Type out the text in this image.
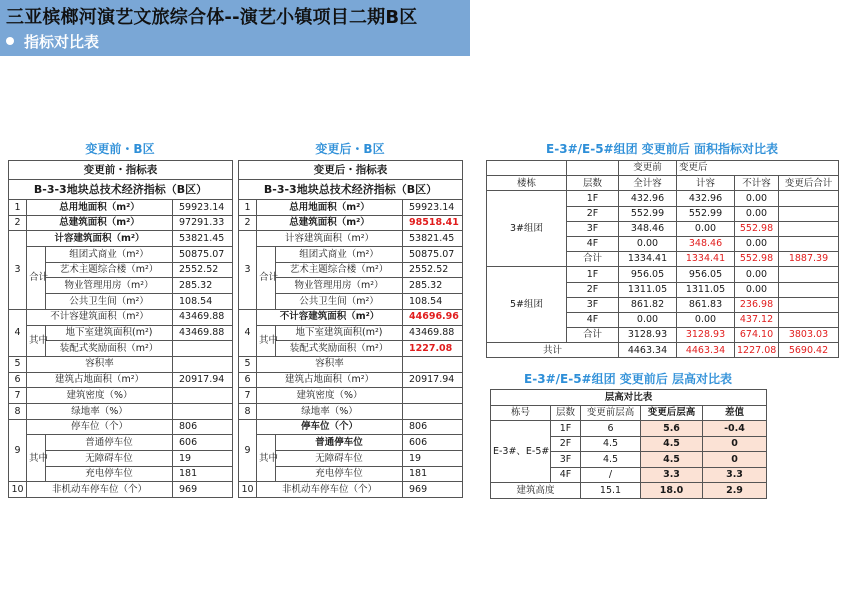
三亚槟榔河演艺文旅综合体--演艺小镇项目二期B区
指标对比表
变更前・B区
变更前・指标表			
B-3-3地块总技术经济指标（B区）			
1	总用地面积（m²）		59923.14
2	总建筑面积（m²）		97291.33
3	计容建筑面积（m²）		53821.45
	合计	组团式商业（m²）	50875.07
		艺术主题综合楼（m²）	2552.52
		物业管理用房（m²）	285.32
		公共卫生间（m²）	108.54
4	不计容建筑面积（m²）		43469.88
	其中	地下室建筑面积(m²)	43469.88
		装配式奖励面积（m²）	
5	容积率		
6	建筑占地面积（m²）		20917.94
7	建筑密度（%）		
8	绿地率（%）		
9	停车位（个）		806
	其中	普通停车位	606
		无障碍车位	19
		充电停车位	181
10	非机动车停车位（个）		969
变更后・B区
变更后・指标表			
B-3-3地块总技术经济指标（B区）			
1	总用地面积（m²）		59923.14
2	总建筑面积（m²）		98518.41
3	计容建筑面积（m²）		53821.45
	合计	组团式商业（m²）	50875.07
		艺术主题综合楼（m²）	2552.52
		物业管理用房（m²）	285.32
		公共卫生间（m²）	108.54
4	不计容建筑面积（m²）		44696.96
	其中	地下室建筑面积(m²)	43469.88
		装配式奖励面积（m²）	1227.08
5	容积率		
6	建筑占地面积（m²）		20917.94
7	建筑密度（%）		
8	绿地率（%）		
9	停车位（个）		806
	其中	普通停车位	606
		无障碍车位	19
		充电停车位	181
10	非机动车停车位（个）		969
E-3#/E-5#组团 变更前后 面积指标对比表
		变更前	变更后		
楼栋	层数	全计容	计容	不计容	变更后合计
3#组团	1F	432.96	432.96	0.00	
	2F	552.99	552.99	0.00	
	3F	348.46	0.00	552.98	
	4F	0.00	348.46	0.00	
	合计	1334.41	1334.41	552.98	1887.39
5#组团	1F	956.05	956.05	0.00	
	2F	1311.05	1311.05	0.00	
	3F	861.82	861.83	236.98	
	4F	0.00	0.00	437.12	
	合计	3128.93	3128.93	674.10	3803.03
共计		4463.34	4463.34	1227.08	5690.42
E-3#/E-5#组团 变更前后 层高对比表
层高对比表				
栋号	层数	变更前层高	变更后层高	差值
E-3#、E-5#	1F	6	5.6	-0.4
	2F	4.5	4.5	0
	3F	4.5	4.5	0
	4F	/	3.3	3.3
建筑高度		15.1	18.0	2.9
